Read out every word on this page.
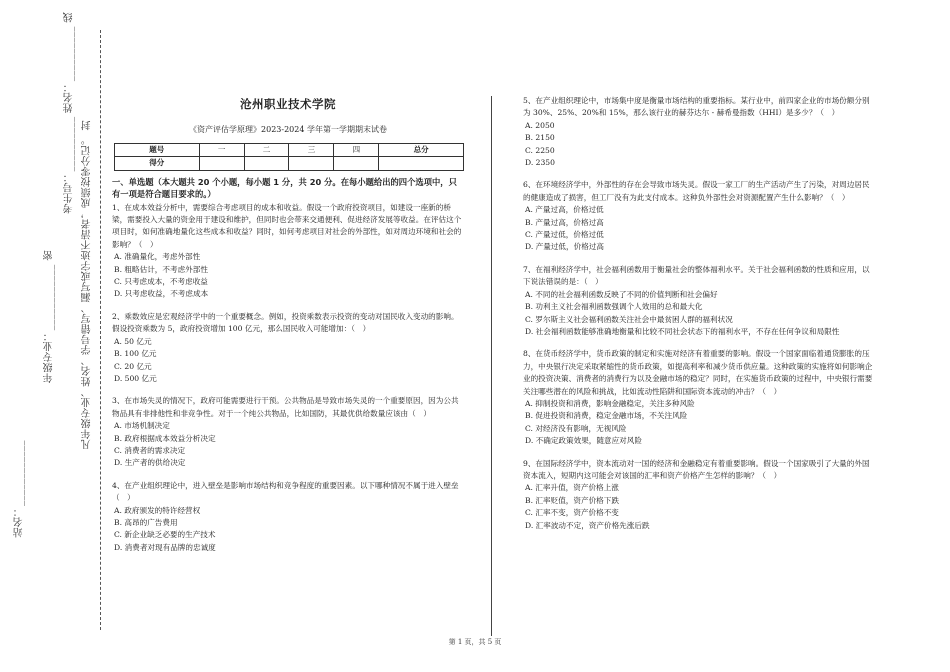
考生号：__________ 姓名：__________ 线
年级专业：____________ 密	凡年级专业、姓名、学号错写、漏写或字迹不清者，成绩按零分记。 封
站名：____________
沧州职业技术学院
《资产评估学原理》2023-2024 学年第一学期期末试卷
题号	一	二	三	四	总分
得分					
一、单选题（本大题共 20 个小题，每小题 1 分，共 20 分。在每小题给出的四个选项中，只有一项是符合题目要求的。）
1、在成本效益分析中，需要综合考虑项目的成本和收益。假设一个政府投资项目，如建设一座新的桥梁，需要投入大量的资金用于建设和维护，但同时也会带来交通便利、促进经济发展等收益。在评估这个项目时，如何准确地量化这些成本和收益？同时，如何考虑项目对社会的外部性，如对周边环境和社会的影响？（　）
A. 准确量化，考虑外部性
B. 粗略估计，不考虑外部性
C. 只考虑成本，不考虑收益
D. 只考虑收益，不考虑成本
2、乘数效应是宏观经济学中的一个重要概念。例如，投资乘数表示投资的变动对国民收入变动的影响。假设投资乘数为 5，政府投资增加 100 亿元，那么国民收入可能增加：（　）
A. 50 亿元
B. 100 亿元
C. 20 亿元
D. 500 亿元
3、在市场失灵的情况下，政府可能需要进行干预。公共物品是导致市场失灵的一个重要原因，因为公共物品具有非排他性和非竞争性。对于一个纯公共物品，比如国防，其最优供给数量应该由（　）
A. 市场机制决定
B. 政府根据成本效益分析决定
C. 消费者的需求决定
D. 生产者的供给决定
4、在产业组织理论中，进入壁垒是影响市场结构和竞争程度的重要因素。以下哪种情况不属于进入壁垒（　）
A. 政府颁发的特许经营权
B. 高昂的广告费用
C. 新企业缺乏必要的生产技术
D. 消费者对现有品牌的忠诚度
5、在产业组织理论中，市场集中度是衡量市场结构的重要指标。某行业中，前四家企业的市场份额分别为 30%、25%、20%和 15%，那么该行业的赫芬达尔 - 赫希曼指数（HHI）是多少？（　）
A. 2050
B. 2150
C. 2250
D. 2350
6、在环境经济学中，外部性的存在会导致市场失灵。假设一家工厂的生产活动产生了污染，对周边居民的健康造成了损害，但工厂没有为此支付成本。这种负外部性会对资源配置产生什么影响？（　）
A. 产量过高，价格过低
B. 产量过高，价格过高
C. 产量过低，价格过低
D. 产量过低，价格过高
7、在福利经济学中，社会福利函数用于衡量社会的整体福利水平。关于社会福利函数的性质和应用，以下说法错误的是：（　）
A. 不同的社会福利函数反映了不同的价值判断和社会偏好
B. 功利主义社会福利函数强调个人效用的总和最大化
C. 罗尔斯主义社会福利函数关注社会中最贫困人群的福利状况
D. 社会福利函数能够准确地衡量和比较不同社会状态下的福利水平，不存在任何争议和局限性
8、在货币经济学中，货币政策的制定和实施对经济有着重要的影响。假设一个国家面临着通货膨胀的压力，中央银行决定采取紧缩性的货币政策，如提高利率和减少货币供应量。这种政策的实施将如何影响企业的投资决策、消费者的消费行为以及金融市场的稳定？同时，在实施货币政策的过程中，中央银行需要关注哪些潜在的风险和挑战，比如流动性陷阱和国际资本流动的冲击？（　）
A. 抑制投资和消费，影响金融稳定，关注多种风险
B. 促进投资和消费，稳定金融市场，不关注风险
C. 对经济没有影响，无视风险
D. 不确定政策效果，随意应对风险
9、在国际经济学中，资本流动对一国的经济和金融稳定有着重要影响。假设一个国家吸引了大量的外国资本流入，短期内这可能会对该国的汇率和资产价格产生怎样的影响？（　）
A. 汇率升值，资产价格上涨
B. 汇率贬值，资产价格下跌
C. 汇率不变，资产价格不变
D. 汇率波动不定，资产价格先涨后跌
第 1 页，共 5 页
